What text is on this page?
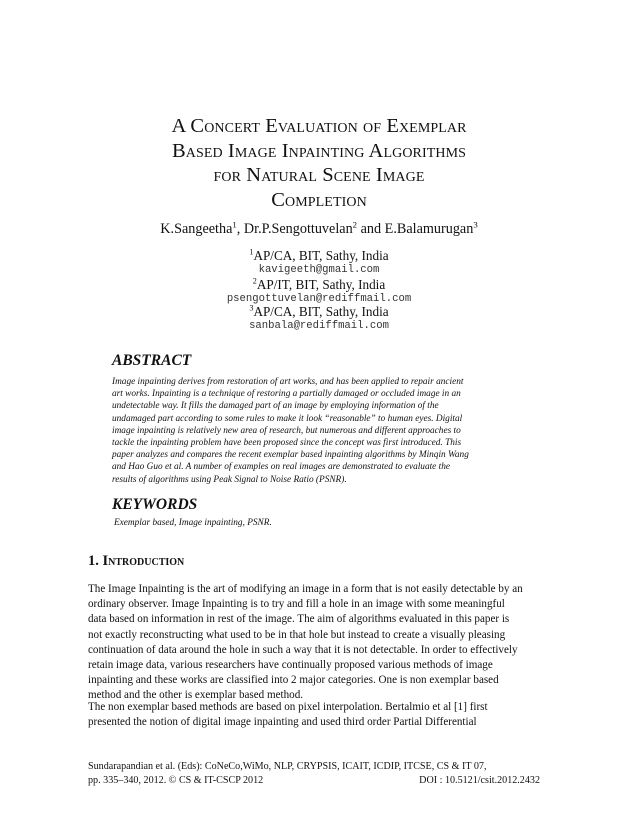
A Concert Evaluation of Exemplar
Based Image Inpainting Algorithms
for Natural Scene Image
Completion
K.Sangeetha$^1$, Dr.P.Sengottuvelan$^2$ and E.Balamurugan$^3$
$^1$AP/CA, BIT, Sathy, India
kavigeeth@gmail.com
$^2$AP/IT, BIT, Sathy, India
psengottuvelan@rediffmail.com
$^3$AP/CA, BIT, Sathy, India
sanbala@rediffmail.com
ABSTRACT
Image inpainting derives from restoration of art works, and has been applied to repair ancient
art works. Inpainting is a technique of restoring a partially damaged or occluded image in an
undetectable way. It fills the damaged part of an image by employing information of the
undamaged part according to some rules to make it look “reasonable” to human eyes. Digital
image inpainting is relatively new area of research, but numerous and different approaches to
tackle the inpainting problem have been proposed since the concept was first introduced. This
paper analyzes and compares the recent exemplar based inpainting algorithms by Minqin Wang
and Hao Guo et al. A number of examples on real images are demonstrated to evaluate the
results of algorithms using Peak Signal to Noise Ratio (PSNR).
KEYWORDS
Exemplar based, Image inpainting, PSNR.
1. Introduction
The Image Inpainting is the art of modifying an image in a form that is not easily detectable by an
ordinary observer. Image Inpainting is to try and fill a hole in an image with some meaningful
data based on information in rest of the image. The aim of algorithms evaluated in this paper is
not exactly reconstructing what used to be in that hole but instead to create a visually pleasing
continuation of data around the hole in such a way that it is not detectable. In order to effectively
retain image data, various researchers have continually proposed various methods of image
inpainting and these works are classified into 2 major categories. One is non exemplar based
method and the other is exemplar based method.
The non exemplar based methods are based on pixel interpolation. Bertalmio et al [1] first
presented the notion of digital image inpainting and used third order Partial Differential
Sundarapandian et al. (Eds): CoNeCo,WiMo, NLP, CRYPSIS, ICAIT, ICDIP, ITCSE, CS & IT 07,
pp. 335–340, 2012. © CS & IT-CSCP 2012	DOI : 10.5121/csit.2012.2432
